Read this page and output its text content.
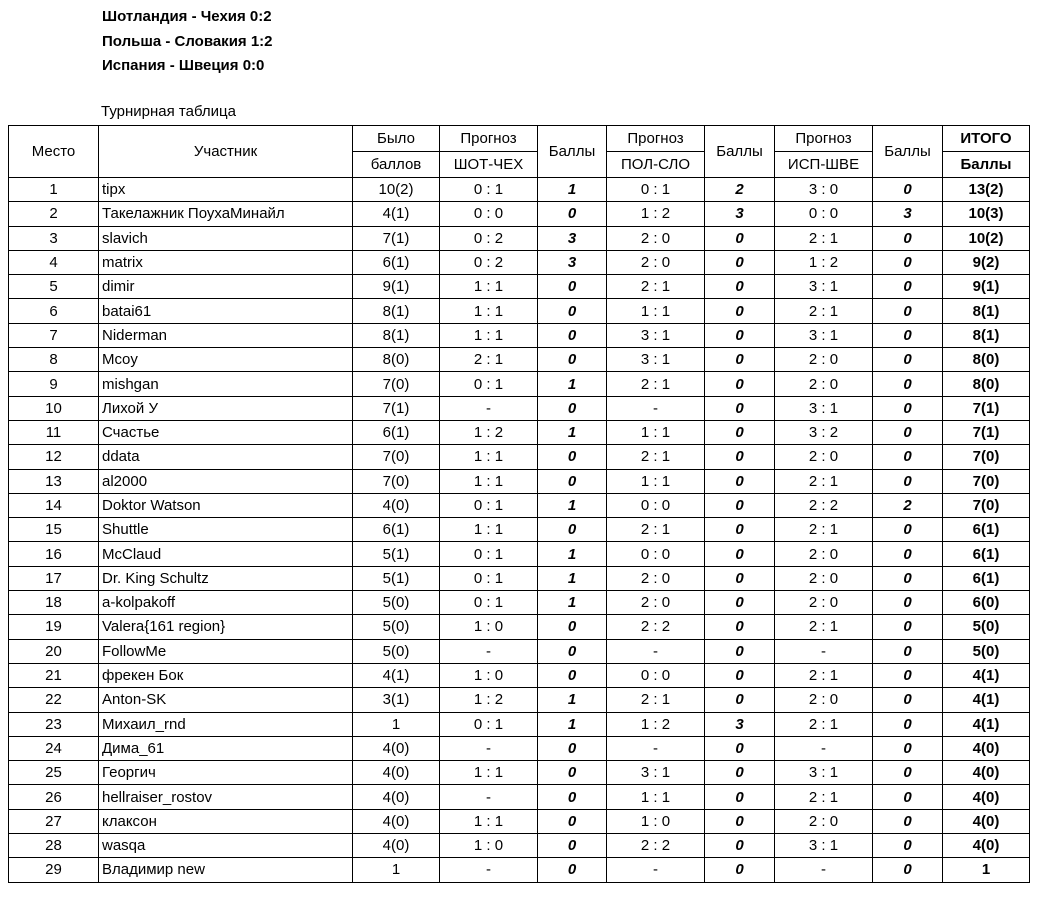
Шотландия - Чехия 0:2
Польша - Словакия 1:2
Испания - Швеция 0:0
Турнирная таблица
Место	Участник	Было	Прогноз	Баллы	Прогноз	Баллы	Прогноз	Баллы	ИТОГО
		баллов	ШОТ-ЧЕХ		ПОЛ-СЛО		ИСП-ШВЕ		Баллы
1	tipx	10(2)	0 : 1	1	0 : 1	2	3 : 0	0	13(2)
2	Такелажник ПоухаМинайл	4(1)	0 : 0	0	1 : 2	3	0 : 0	3	10(3)
3	slavich	7(1)	0 : 2	3	2 : 0	0	2 : 1	0	10(2)
4	matrix	6(1)	0 : 2	3	2 : 0	0	1 : 2	0	9(2)
5	dimir	9(1)	1 : 1	0	2 : 1	0	3 : 1	0	9(1)
6	batai61	8(1)	1 : 1	0	1 : 1	0	2 : 1	0	8(1)
7	Niderman	8(1)	1 : 1	0	3 : 1	0	3 : 1	0	8(1)
8	Mcoy	8(0)	2 : 1	0	3 : 1	0	2 : 0	0	8(0)
9	mishgan	7(0)	0 : 1	1	2 : 1	0	2 : 0	0	8(0)
10	Лихой У	7(1)	-	0	-	0	3 : 1	0	7(1)
11	Счастье	6(1)	1 : 2	1	1 : 1	0	3 : 2	0	7(1)
12	ddata	7(0)	1 : 1	0	2 : 1	0	2 : 0	0	7(0)
13	al2000	7(0)	1 : 1	0	1 : 1	0	2 : 1	0	7(0)
14	Doktor Watson	4(0)	0 : 1	1	0 : 0	0	2 : 2	2	7(0)
15	Shuttle	6(1)	1 : 1	0	2 : 1	0	2 : 1	0	6(1)
16	McClaud	5(1)	0 : 1	1	0 : 0	0	2 : 0	0	6(1)
17	Dr. King Schultz	5(1)	0 : 1	1	2 : 0	0	2 : 0	0	6(1)
18	a-kolpakoff	5(0)	0 : 1	1	2 : 0	0	2 : 0	0	6(0)
19	Valera{161 region}	5(0)	1 : 0	0	2 : 2	0	2 : 1	0	5(0)
20	FollowMe	5(0)	-	0	-	0	-	0	5(0)
21	фрекен Бок	4(1)	1 : 0	0	0 : 0	0	2 : 1	0	4(1)
22	Anton-SK	3(1)	1 : 2	1	2 : 1	0	2 : 0	0	4(1)
23	Михаил_rnd	1	0 : 1	1	1 : 2	3	2 : 1	0	4(1)
24	Дима_61	4(0)	-	0	-	0	-	0	4(0)
25	Георгич	4(0)	1 : 1	0	3 : 1	0	3 : 1	0	4(0)
26	hellraiser_rostov	4(0)	-	0	1 : 1	0	2 : 1	0	4(0)
27	клаксон	4(0)	1 : 1	0	1 : 0	0	2 : 0	0	4(0)
28	wasqa	4(0)	1 : 0	0	2 : 2	0	3 : 1	0	4(0)
29	Владимир new	1	-	0	-	0	-	0	1
